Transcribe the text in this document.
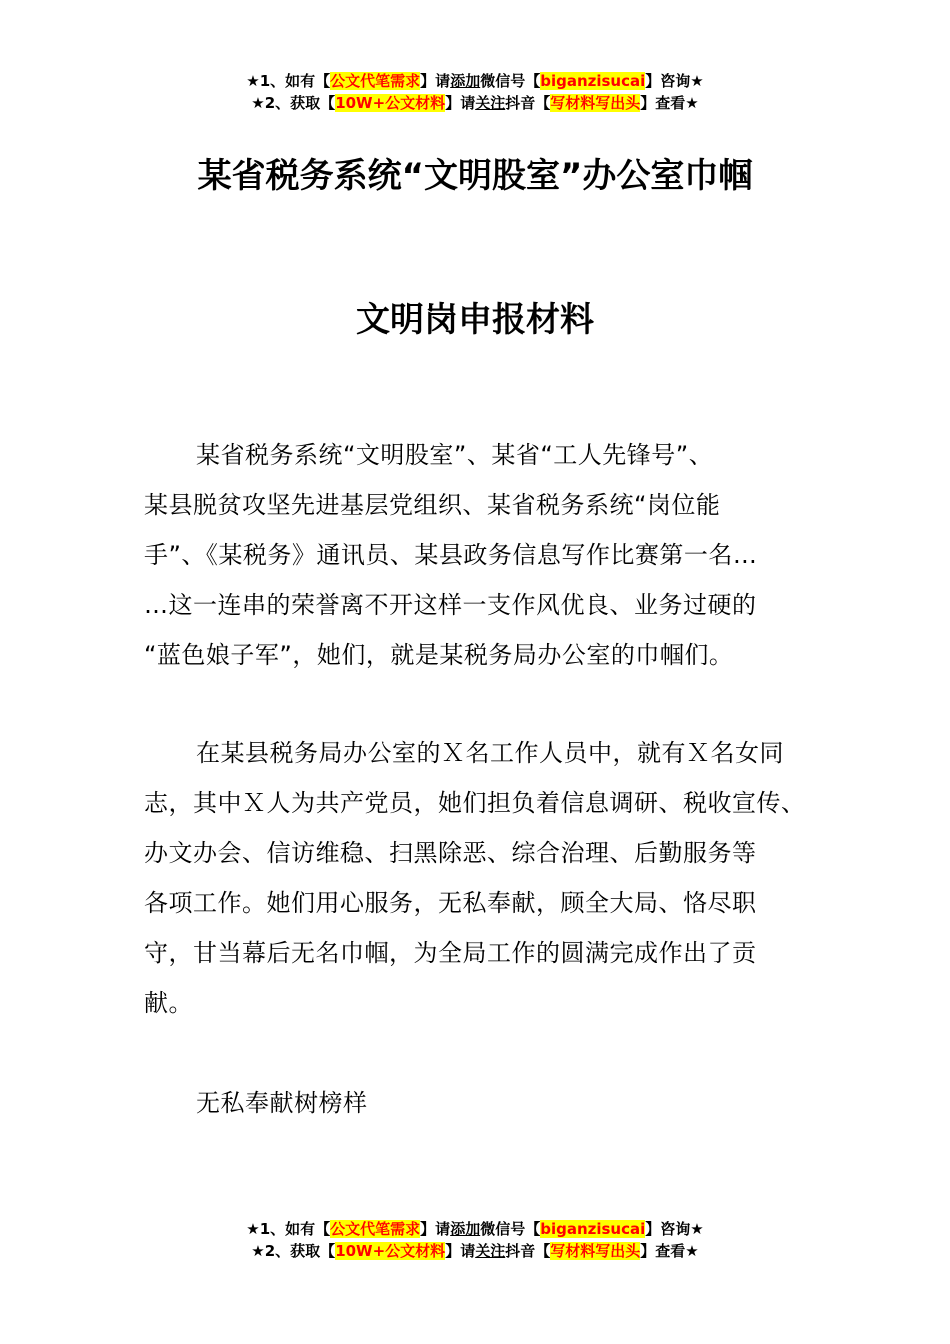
★1、如有【公文代笔需求】请添加微信号【biganzisucai】咨询★
★2、获取【10W+公文材料】请关注抖音【写材料写出头】查看★
某省税务系统“文明股室”办公室巾帼
文明岗申报材料
某省税务系统“文明股室”、某省“工人先锋号”、
某县脱贫攻坚先进基层党组织、某省税务系统“岗位能
手”、《某税务》通讯员、某县政务信息写作比赛第一名…
…这一连串的荣誉离不开这样一支作风优良、业务过硬的
“蓝色娘子军”，她们，就是某税务局办公室的巾帼们。
在某县税务局办公室的Ｘ名工作人员中，就有Ｘ名女同
志，其中Ｘ人为共产党员，她们担负着信息调研、税收宣传、
办文办会、信访维稳、扫黑除恶、综合治理、后勤服务等
各项工作。她们用心服务，无私奉献，顾全大局、恪尽职
守，甘当幕后无名巾帼，为全局工作的圆满完成作出了贡
献。
无私奉献树榜样
★1、如有【公文代笔需求】请添加微信号【biganzisucai】咨询★
★2、获取【10W+公文材料】请关注抖音【写材料写出头】查看★
